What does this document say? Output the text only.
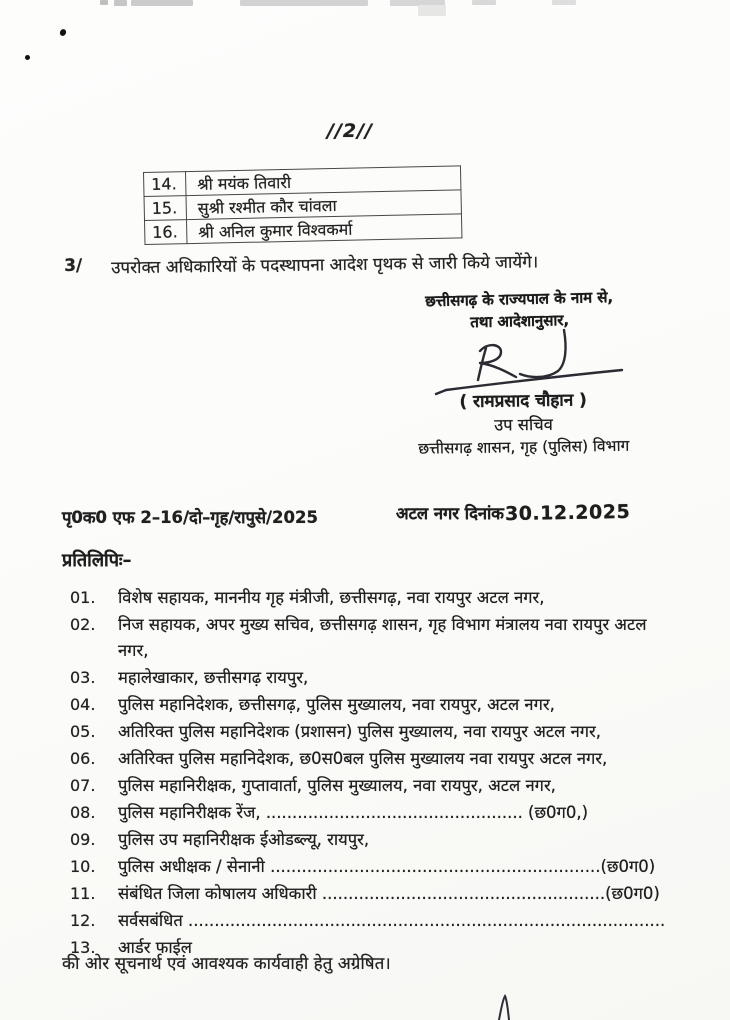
//2//
14.	श्री मयंक तिवारी
15.	सुश्री रश्मीत कौर चांवला
16.	श्री अनिल कुमार विश्वकर्मा
3/	उपरोक्त अधिकारियों के पदस्थापना आदेश पृथक से जारी किये जायेंगे।
छत्तीसगढ़ के राज्यपाल के नाम से,
तथा आदेशानुसार,
( रामप्रसाद चौहान )
उप सचिव
छत्तीसगढ़ शासन, गृह (पुलिस) विभाग
पृ0क0 एफ 2–16/दो–गृह/रापुसे/2025	अटल नगर दिनांक 30.12.2025
प्रतिलिपिः–
01.	विशेष सहायक, माननीय गृह मंत्रीजी, छत्तीसगढ़, नवा रायपुर अटल नगर,
02.	निज सहायक, अपर मुख्य सचिव, छत्तीसगढ़ शासन, गृह विभाग मंत्रालय नवा रायपुर अटल नगर,
03.	महालेखाकार, छत्तीसगढ़ रायपुर,
04.	पुलिस महानिदेशक, छत्तीसगढ़, पुलिस मुख्यालय, नवा रायपुर, अटल नगर,
05.	अतिरिक्त पुलिस महानिदेशक (प्रशासन) पुलिस मुख्यालय, नवा रायपुर अटल नगर,
06.	अतिरिक्त पुलिस महानिदेशक, छ0स0बल पुलिस मुख्यालय नवा रायपुर अटल नगर,
07.	पुलिस महानिरीक्षक, गुप्तावार्ता, पुलिस मुख्यालय, नवा रायपुर, अटल नगर,
08.	पुलिस महानिरीक्षक रेंज, ................................................. (छ0ग0,)
09.	पुलिस उप महानिरीक्षक ईओडब्ल्यू, रायपुर,
10.	पुलिस अधीक्षक / सेनानी ...............................................................(छ0ग0)
11.	संबंधित जिला कोषालय अधिकारी ......................................................(छ0ग0)
12.	सर्वसबंधित ...........................................................................................
13.	आर्डर फाईल
की ओर सूचनार्थ एवं आवश्यक कार्यवाही हेतु अग्रेषित।
